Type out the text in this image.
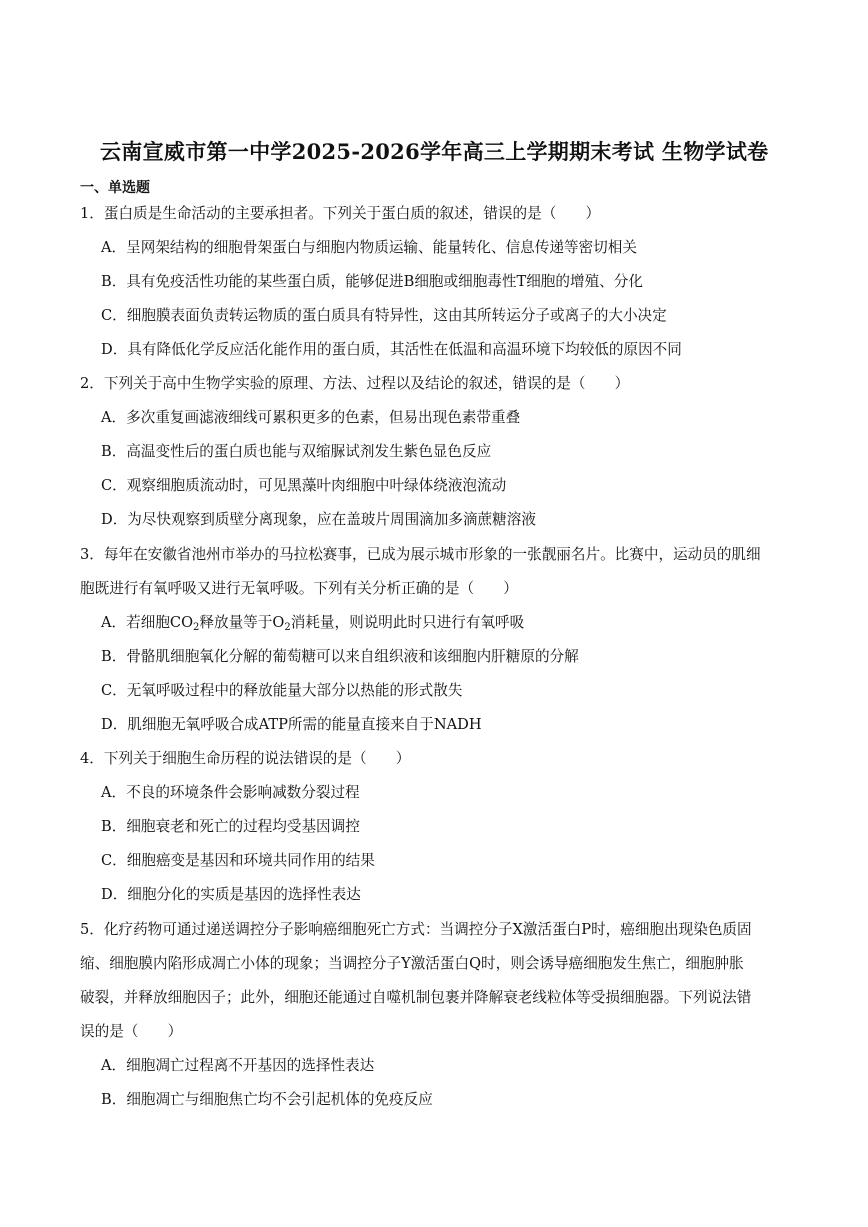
云南宣威市第一中学2025-2026学年高三上学期期末考试 生物学试卷
一、单选题
1．蛋白质是生命活动的主要承担者。下列关于蛋白质的叙述，错误的是（　　）
A．呈网架结构的细胞骨架蛋白与细胞内物质运输、能量转化、信息传递等密切相关
B．具有免疫活性功能的某些蛋白质，能够促进B细胞或细胞毒性T细胞的增殖、分化
C．细胞膜表面负责转运物质的蛋白质具有特异性，这由其所转运分子或离子的大小决定
D．具有降低化学反应活化能作用的蛋白质，其活性在低温和高温环境下均较低的原因不同
2．下列关于高中生物学实验的原理、方法、过程以及结论的叙述，错误的是（　　）
A．多次重复画滤液细线可累积更多的色素，但易出现色素带重叠
B．高温变性后的蛋白质也能与双缩脲试剂发生紫色显色反应
C．观察细胞质流动时，可见黑藻叶肉细胞中叶绿体绕液泡流动
D．为尽快观察到质壁分离现象，应在盖玻片周围滴加多滴蔗糖溶液
3．每年在安徽省池州市举办的马拉松赛事，已成为展示城市形象的一张靓丽名片。比赛中，运动员的肌细
胞既进行有氧呼吸又进行无氧呼吸。下列有关分析正确的是（　　）
A．若细胞$CO_2$释放量等于$O_2$消耗量，则说明此时只进行有氧呼吸
B．骨骼肌细胞氧化分解的葡萄糖可以来自组织液和该细胞内肝糖原的分解
C．无氧呼吸过程中的释放能量大部分以热能的形式散失
D．肌细胞无氧呼吸合成ATP所需的能量直接来自于NADH
4．下列关于细胞生命历程的说法错误的是（　　）
A．不良的环境条件会影响减数分裂过程
B．细胞衰老和死亡的过程均受基因调控
C．细胞癌变是基因和环境共同作用的结果
D．细胞分化的实质是基因的选择性表达
5．化疗药物可通过递送调控分子影响癌细胞死亡方式：当调控分子X激活蛋白P时，癌细胞出现染色质固
缩、细胞膜内陷形成凋亡小体的现象；当调控分子Y激活蛋白Q时，则会诱导癌细胞发生焦亡，细胞肿胀
破裂，并释放细胞因子；此外，细胞还能通过自噬机制包裹并降解衰老线粒体等受损细胞器。下列说法错
误的是（　　）
A．细胞凋亡过程离不开基因的选择性表达
B．细胞凋亡与细胞焦亡均不会引起机体的免疫反应
